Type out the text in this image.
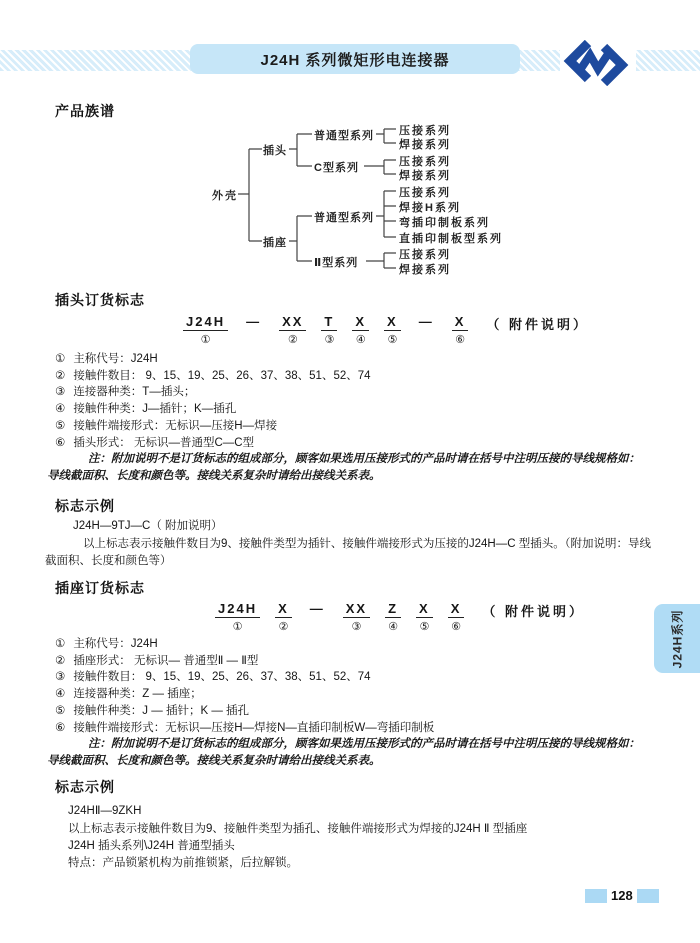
J24H 系列微矩形电连接器
产品族谱
外壳
插头
插座
普通型系列
C型系列
普通型系列
Ⅱ型系列
压接系列
焊接系列
压接系列
焊接系列
压接系列
焊接H系列
弯插印制板系列
直插印制板型系列
压接系列
焊接系列
插头订货标志
J24H
①
— XX
②
T
③
X
④
X
⑤
— X
⑥
（ 附件说明）
① 主称代号：J24H
② 接触件数目： 9、15、19、25、26、37、38、51、52、74
③ 连接器种类：T—插头；
④ 接触件种类：J—插针；K—插孔
⑤ 接触件端接形式：无标识—压接H—焊接
⑥ 插头形式： 无标识—普通型C—C型
注：附加说明不是订货标志的组成部分，顾客如果选用压接形式的产品时请在括号中注明压接的导线规格如：
导线截面积、长度和颜色等。接线关系复杂时请给出接线关系表。
标志示例
J24H—9TJ—C（ 附加说明）
以上标志表示接触件数目为9、接触件类型为插针、接触件端接形式为压接的J24H—C 型插头。（附加说明：导线
截面积、长度和颜色等）
插座订货标志
J24H
①
X
②
— XX
③
Z
④
X
⑤
X
⑥
（ 附件说明）
① 主称代号：J24H
② 插座形式： 无标识— 普通型Ⅱ — Ⅱ型
③ 接触件数目： 9、15、19、25、26、37、38、51、52、74
④ 连接器种类：Z — 插座；
⑤ 接触件种类：J — 插针；K — 插孔
⑥ 接触件端接形式：无标识—压接H—焊接N—直插印制板W—弯插印制板
注：附加说明不是订货标志的组成部分，顾客如果选用压接形式的产品时请在括号中注明压接的导线规格如：
导线截面积、长度和颜色等。接线关系复杂时请给出接线关系表。
标志示例
J24HⅡ—9ZKH
以上标志表示接触件数目为9、接触件类型为插孔、接触件端接形式为焊接的J24H Ⅱ 型插座
J24H 插头系列\J24H 普通型插头
特点：产品锁紧机构为前推锁紧，后拉解锁。
J24H系列
128
